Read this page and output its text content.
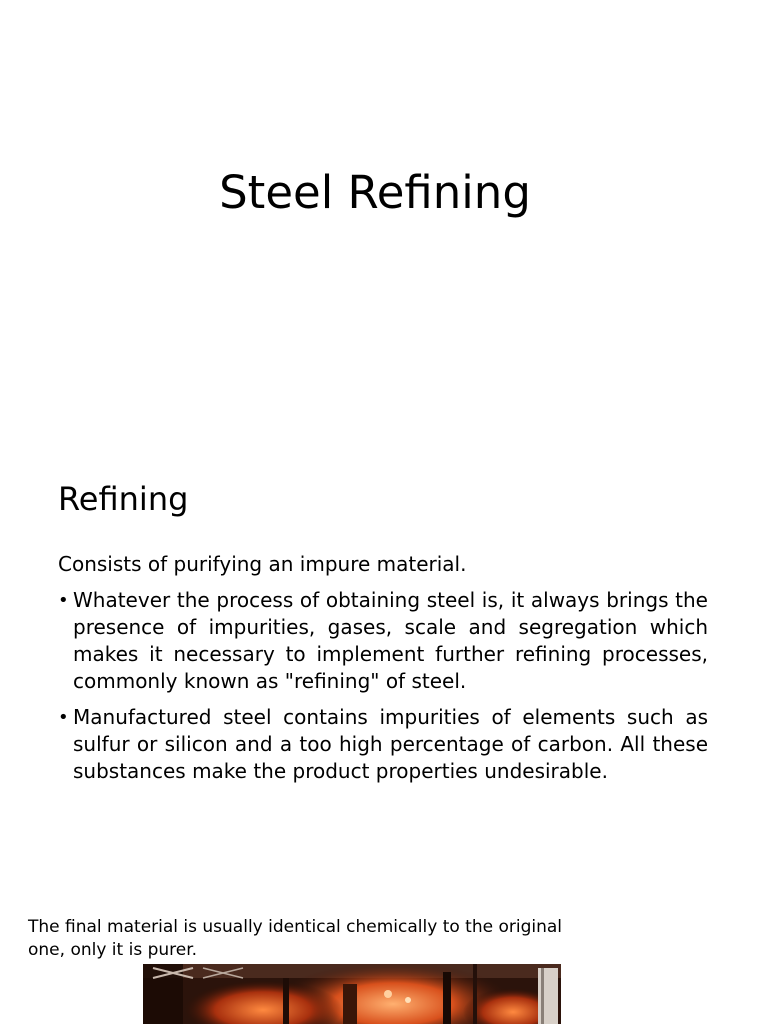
Steel Refining
Refining

Consists of purifying an impure material.

• Whatever the process of obtaining steel is, it always brings the presence of impurities, gases, scale and segregation which makes it necessary to implement further refining processes, commonly known as "refining" of steel.
• Manufactured steel contains impurities of elements such as sulfur or silicon and a too high percentage of carbon. All these substances make the product properties undesirable.

The final material is usually identical chemically to the original one, only it is purer.
